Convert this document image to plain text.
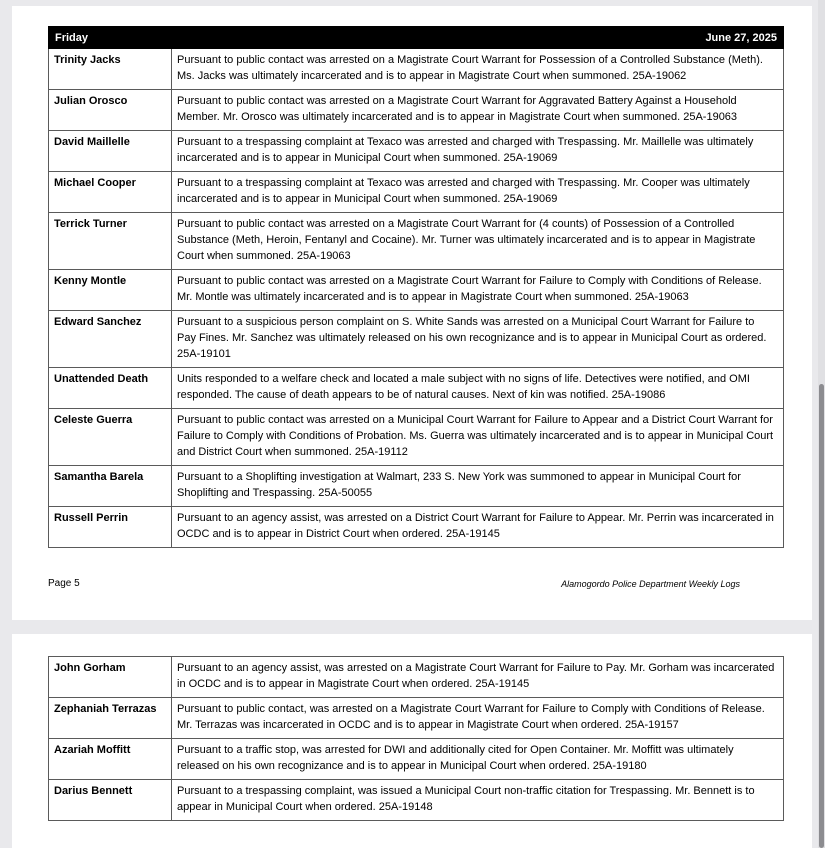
Friday	June 27, 2025
Trinity Jacks	Pursuant to public contact was arrested on a Magistrate Court Warrant for Possession of a Controlled Substance (Meth). Ms. Jacks was ultimately incarcerated and is to appear in Magistrate Court when summoned. 25A-19062
Julian Orosco	Pursuant to public contact was arrested on a Magistrate Court Warrant for Aggravated Battery Against a Household Member. Mr. Orosco was ultimately incarcerated and is to appear in Magistrate Court when summoned. 25A-19063
David Maillelle	Pursuant to a trespassing complaint at Texaco was arrested and charged with Trespassing. Mr. Maillelle was ultimately incarcerated and is to appear in Municipal Court when summoned. 25A-19069
Michael Cooper	Pursuant to a trespassing complaint at Texaco was arrested and charged with Trespassing. Mr. Cooper was ultimately incarcerated and is to appear in Municipal Court when summoned. 25A-19069
Terrick Turner	Pursuant to public contact was arrested on a Magistrate Court Warrant for (4 counts) of Possession of a Controlled Substance (Meth, Heroin, Fentanyl and Cocaine). Mr. Turner was ultimately incarcerated and is to appear in Magistrate Court when summoned. 25A-19063
Kenny Montle	Pursuant to public contact was arrested on a Magistrate Court Warrant for Failure to Comply with Conditions of Release. Mr. Montle was ultimately incarcerated and is to appear in Magistrate Court when summoned. 25A-19063
Edward Sanchez	Pursuant to a suspicious person complaint on S. White Sands was arrested on a Municipal Court Warrant for Failure to Pay Fines. Mr. Sanchez was ultimately released on his own recognizance and is to appear in Municipal Court as ordered. 25A-19101
Unattended Death	Units responded to a welfare check and located a male subject with no signs of life. Detectives were notified, and OMI responded. The cause of death appears to be of natural causes. Next of kin was notified. 25A-19086
Celeste Guerra	Pursuant to public contact was arrested on a Municipal Court Warrant for Failure to Appear and a District Court Warrant for Failure to Comply with Conditions of Probation. Ms. Guerra was ultimately incarcerated and is to appear in Municipal Court and District Court when summoned. 25A-19112
Samantha Barela	Pursuant to a Shoplifting investigation at Walmart, 233 S. New York was summoned to appear in Municipal Court for Shoplifting and Trespassing. 25A-50055
Russell Perrin	Pursuant to an agency assist, was arrested on a District Court Warrant for Failure to Appear. Mr. Perrin was incarcerated in OCDC and is to appear in District Court when ordered. 25A-19145
Page 5	Alamogordo Police Department Weekly Logs
John Gorham	Pursuant to an agency assist, was arrested on a Magistrate Court Warrant for Failure to Pay. Mr. Gorham was incarcerated in OCDC and is to appear in Magistrate Court when ordered. 25A-19145
Zephaniah Terrazas	Pursuant to public contact, was arrested on a Magistrate Court Warrant for Failure to Comply with Conditions of Release. Mr. Terrazas was incarcerated in OCDC and is to appear in Magistrate Court when ordered. 25A-19157
Azariah Moffitt	Pursuant to a traffic stop, was arrested for DWI and additionally cited for Open Container. Mr. Moffitt was ultimately released on his own recognizance and is to appear in Municipal Court when ordered. 25A-19180
Darius Bennett	Pursuant to a trespassing complaint, was issued a Municipal Court non-traffic citation for Trespassing. Mr. Bennett is to appear in Municipal Court when ordered. 25A-19148
